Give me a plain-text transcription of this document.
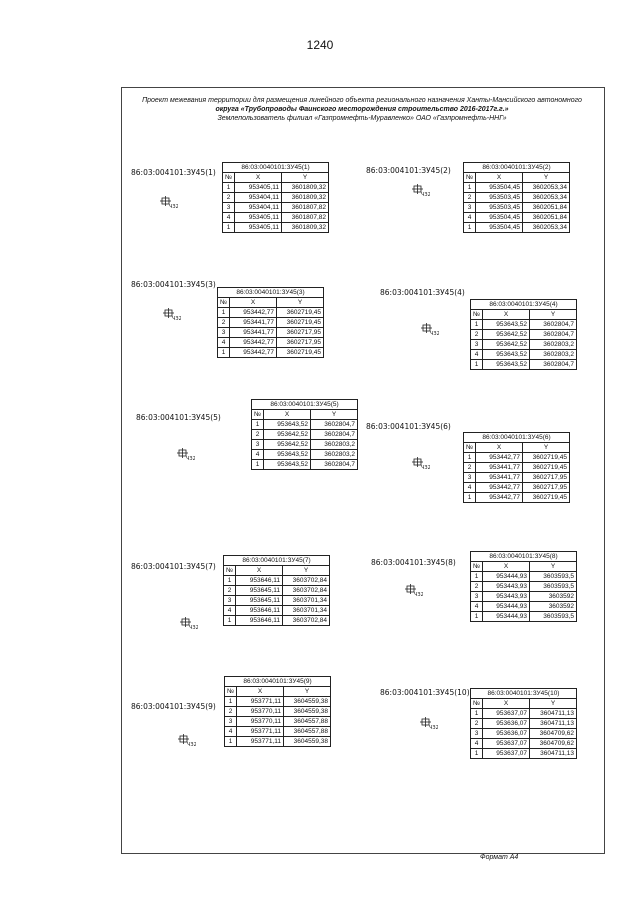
1240
Проект межевания территории для размещения линейного объекта регионального назначения Ханты-Мансийского автономного
округа «Трубопроводы Фаинского месторождения строительство 2016-2017г.г.»
Землепользователь филиал «Газпромнефть-Муравленко» ОАО «Газпромнефть-ННГ»
Формат А4
86:03:004101:ЗУ45(1)
ЧЗ2
86:03:0040101:ЗУ45(1)		
№	X	Y
1	953405,11	3601809,32
2	953404,11	3601809,32
3	953404,11	3601807,82
4	953405,11	3601807,82
1	953405,11	3601809,32
86:03:004101:ЗУ45(2)
ЧЗ2
86:03:0040101:ЗУ45(2)		
№	X	Y
1	953504,45	3602053,34
2	953503,45	3602053,34
3	953503,45	3602051,84
4	953504,45	3602051,84
1	953504,45	3602053,34
86:03:004101:ЗУ45(3)
ЧЗ2
86:03:0040101:ЗУ45(3)		
№	X	Y
1	953442,77	3602719,45
2	953441,77	3602719,45
3	953441,77	3602717,95
4	953442,77	3602717,95
1	953442,77	3602719,45
86:03:004101:ЗУ45(4)
ЧЗ2
86:03:0040101:ЗУ45(4)		
№	X	Y
1	953643,52	3602804,7
2	953642,52	3602804,7
3	953642,52	3602803,2
4	953643,52	3602803,2
1	953643,52	3602804,7
86:03:004101:ЗУ45(5)
ЧЗ2
86:03:0040101:ЗУ45(5)		
№	X	Y
1	953643,52	3602804,7
2	953642,52	3602804,7
3	953642,52	3602803,2
4	953643,52	3602803,2
1	953643,52	3602804,7
86:03:004101:ЗУ45(6)
ЧЗ2
86:03:0040101:ЗУ45(6)		
№	X	Y
1	953442,77	3602719,45
2	953441,77	3602719,45
3	953441,77	3602717,95
4	953442,77	3602717,95
1	953442,77	3602719,45
86:03:004101:ЗУ45(7)
ЧЗ2
86:03:0040101:ЗУ45(7)		
№	X	Y
1	953646,11	3603702,84
2	953645,11	3603702,84
3	953645,11	3603701,34
4	953646,11	3603701,34
1	953646,11	3603702,84
86:03:004101:ЗУ45(8)
ЧЗ2
86:03:0040101:ЗУ45(8)		
№	X	Y
1	953444,93	3603593,5
2	953443,93	3603593,5
3	953443,93	3603592
4	953444,93	3603592
1	953444,93	3603593,5
86:03:004101:ЗУ45(9)
ЧЗ2
86:03:0040101:ЗУ45(9)		
№	X	Y
1	953771,11	3604559,38
2	953770,11	3604559,38
3	953770,11	3604557,88
4	953771,11	3604557,88
1	953771,11	3604559,38
86:03:004101:ЗУ45(10)
ЧЗ2
86:03:0040101:ЗУ45(10)		
№	X	Y
1	953637,07	3604711,13
2	953636,07	3604711,13
3	953636,07	3604709,62
4	953637,07	3604709,62
1	953637,07	3604711,13
